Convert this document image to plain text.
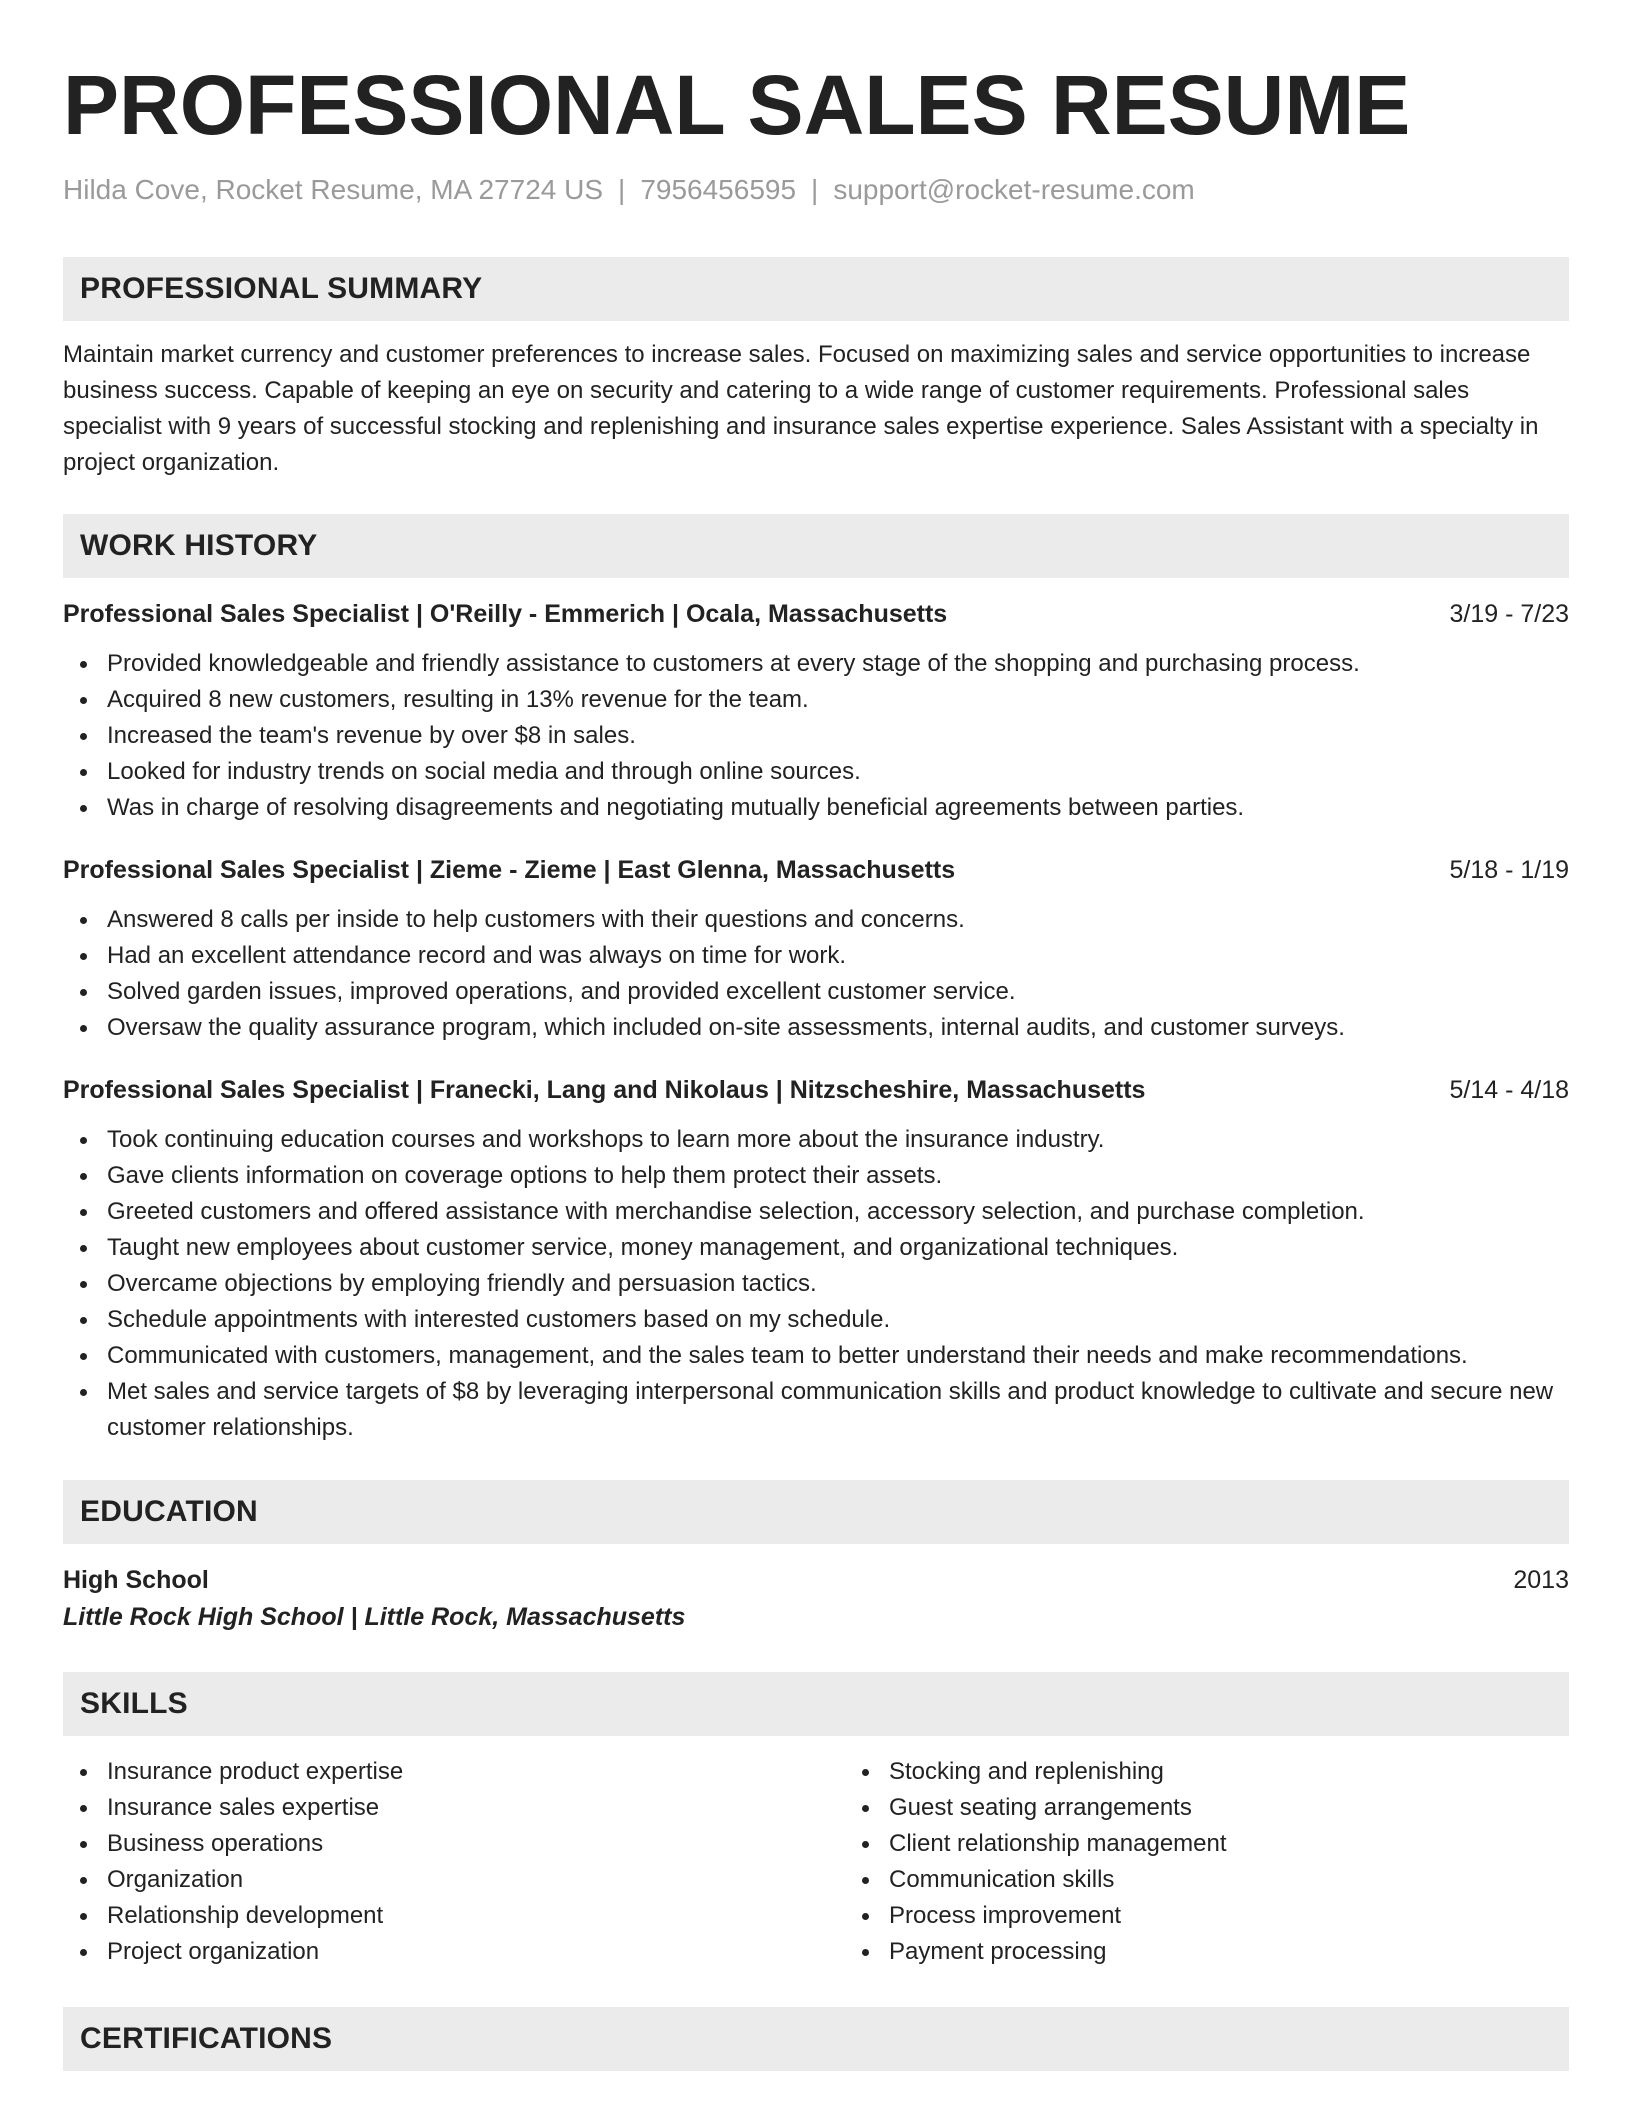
PROFESSIONAL SALES RESUME
Hilda Cove, Rocket Resume, MA 27724 US | 7956456595 | support@rocket-resume.com
PROFESSIONAL SUMMARY
Maintain market currency and customer preferences to increase sales. Focused on maximizing sales and service opportunities to increase business success. Capable of keeping an eye on security and catering to a wide range of customer requirements. Professional sales specialist with 9 years of successful stocking and replenishing and insurance sales expertise experience. Sales Assistant with a specialty in project organization.
WORK HISTORY
Professional Sales Specialist | O'Reilly - Emmerich | Ocala, Massachusetts	3/19 - 7/23
Provided knowledgeable and friendly assistance to customers at every stage of the shopping and purchasing process.
Acquired 8 new customers, resulting in 13% revenue for the team.
Increased the team's revenue by over $8 in sales.
Looked for industry trends on social media and through online sources.
Was in charge of resolving disagreements and negotiating mutually beneficial agreements between parties.
Professional Sales Specialist | Zieme - Zieme | East Glenna, Massachusetts	5/18 - 1/19
Answered 8 calls per inside to help customers with their questions and concerns.
Had an excellent attendance record and was always on time for work.
Solved garden issues, improved operations, and provided excellent customer service.
Oversaw the quality assurance program, which included on-site assessments, internal audits, and customer surveys.
Professional Sales Specialist | Franecki, Lang and Nikolaus | Nitzscheshire, Massachusetts	5/14 - 4/18
Took continuing education courses and workshops to learn more about the insurance industry.
Gave clients information on coverage options to help them protect their assets.
Greeted customers and offered assistance with merchandise selection, accessory selection, and purchase completion.
Taught new employees about customer service, money management, and organizational techniques.
Overcame objections by employing friendly and persuasion tactics.
Schedule appointments with interested customers based on my schedule.
Communicated with customers, management, and the sales team to better understand their needs and make recommendations.
Met sales and service targets of $8 by leveraging interpersonal communication skills and product knowledge to cultivate and secure new customer relationships.
EDUCATION
High School	2013
Little Rock High School | Little Rock, Massachusetts
SKILLS
Insurance product expertise
Insurance sales expertise
Business operations
Organization
Relationship development
Project organization
Stocking and replenishing
Guest seating arrangements
Client relationship management
Communication skills
Process improvement
Payment processing
CERTIFICATIONS
